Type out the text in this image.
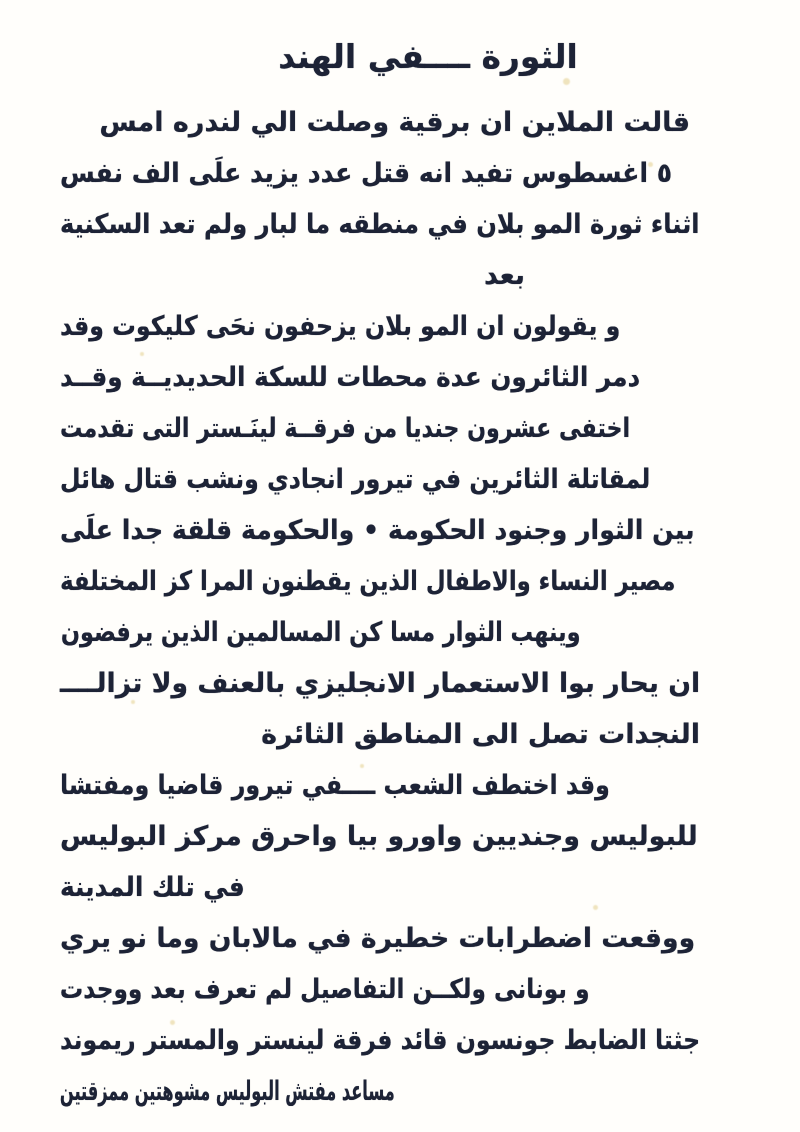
الثورة ــــفي الهند
قالت الملاين ان برقية وصلت الي لندره امس
٥ اغسطوس تفيد انه قتل عدد يزيد علَى الف نفس
اثناء ثورة المو بلان في منطقه ما لبار ولم تعد السكنية
بعد
و يقولون ان المو بلان يزحفون نحَى كليكوت وقد
دمر الثائرون عدة محطات للسكة الحديديــة وقــد
اختفى عشرون جنديا من فرقــة لينَـستر التى تقدمت
لمقاتلة الثائرين في تيرور انجادي ونشب قتال هائل
بين الثوار وجنود الحكومة • والحكومة قلقة جدا علَى
مصير النساء والاطفال الذين يقطنون المرا كز المختلفة
وينهب الثوار مسا كن المسالمين الذين يرفضون
ان يحار بوا الاستعمار الانجليزي بالعنف ولا تزالــــ
النجدات تصل الى المناطق الثائرة
وقد اختطف الشعب ــــفي تيرور قاضيا ومفتشا
للبوليس وجنديين واورو بيا واحرق مركز البوليس
في تلك المدينة
ووقعت اضطرابات خطيرة في مالابان وما نو يري
و بونانى ولكــن التفاصيل لم تعرف بعد ووجدت
جثتا الضابط جونسون قائد فرقة لينستر والمستر ريموند
مساعد مفتش البوليس مشوهتين ممزقتين
